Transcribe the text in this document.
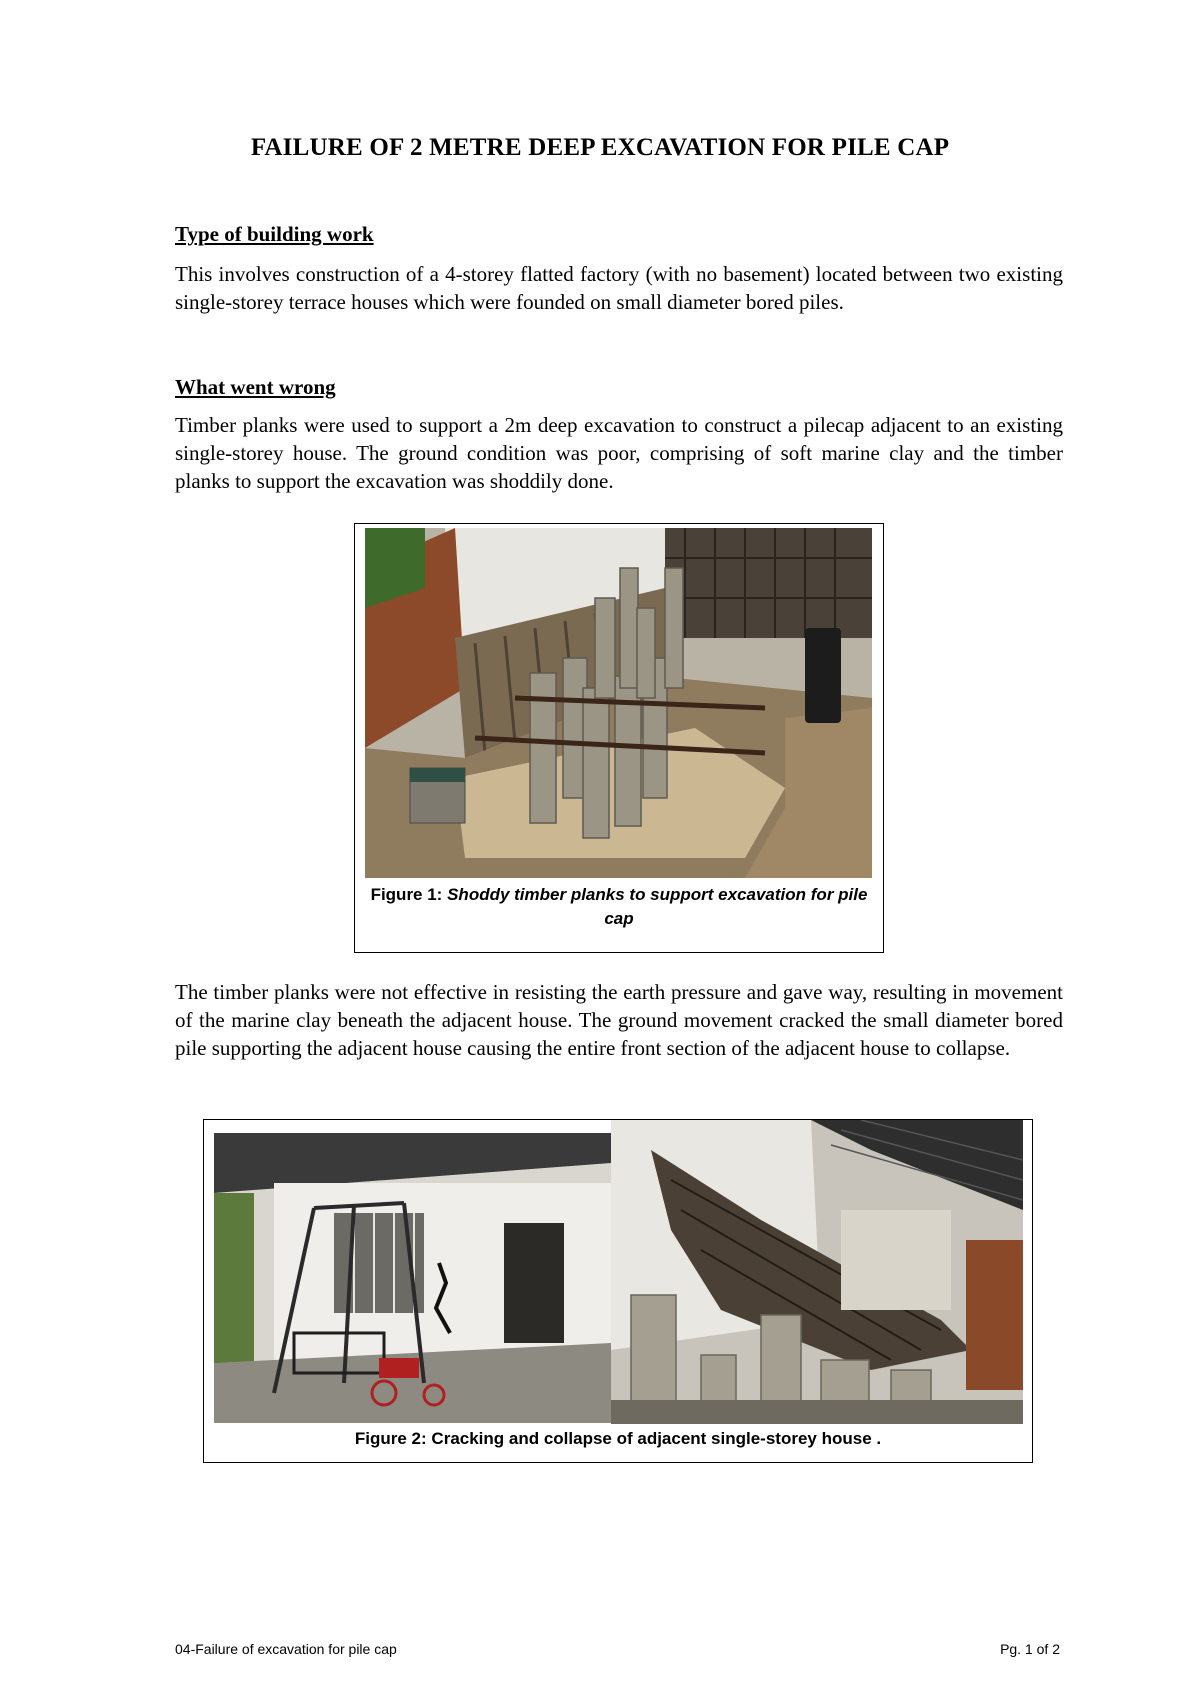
FAILURE OF 2 METRE DEEP EXCAVATION FOR PILE CAP
Type of building work
This involves construction of a 4-storey flatted factory (with no basement) located between two existing single-storey terrace houses which were founded on small diameter bored piles.
What went wrong
Timber planks were used to support a 2m deep excavation to construct a pilecap adjacent to an existing single-storey house. The ground condition was poor, comprising of soft marine clay and the timber planks to support the excavation was shoddily done.
Figure 1: Shoddy timber planks to support excavation for pile cap
The timber planks were not effective in resisting the earth pressure and gave way, resulting in movement of the marine clay beneath the adjacent house. The ground movement cracked the small diameter bored pile supporting the adjacent house causing the entire front section of the adjacent house to collapse.
Figure 2: Cracking and collapse of adjacent single-storey house .
04-Failure of excavation for pile cap	Pg. 1 of 2
